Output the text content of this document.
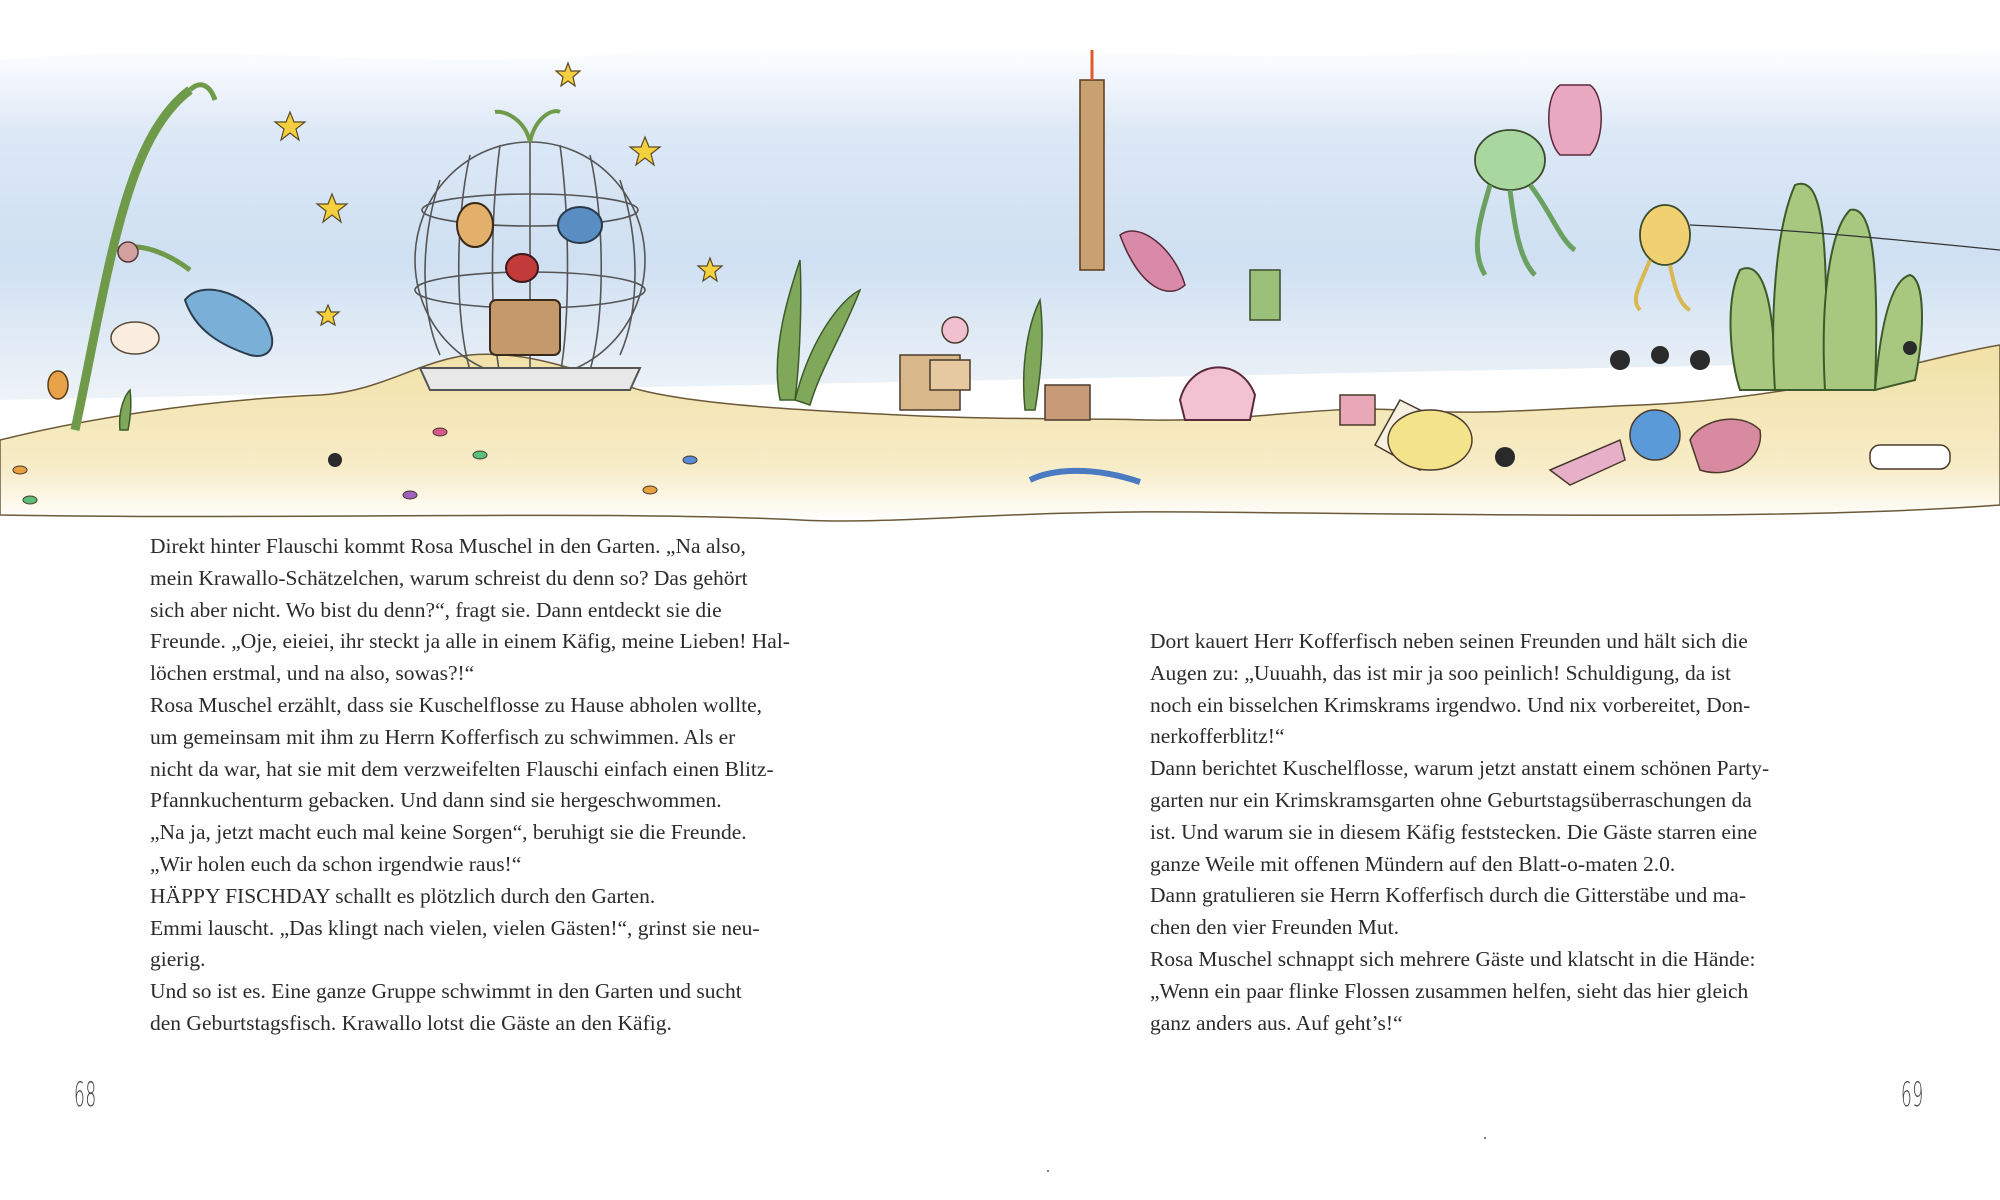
Direkt hinter Flauschi kommt Rosa Muschel in den Garten. „Na also,
mein Krawallo-Schätzelchen, warum schreist du denn so? Das gehört
sich aber nicht. Wo bist du denn?“, fragt sie. Dann entdeckt sie die
Freunde. „Oje, eieiei, ihr steckt ja alle in einem Käfig, meine Lieben! Hal-
löchen erstmal, und na also, sowas?!“
Rosa Muschel erzählt, dass sie Kuschelflosse zu Hause abholen wollte,
um gemeinsam mit ihm zu Herrn Kofferfisch zu schwimmen. Als er
nicht da war, hat sie mit dem verzweifelten Flauschi einfach einen Blitz-
Pfannkuchenturm gebacken. Und dann sind sie hergeschwommen.
„Na ja, jetzt macht euch mal keine Sorgen“, beruhigt sie die Freunde.
„Wir holen euch da schon irgendwie raus!“
HÄPPY FISCHDAY schallt es plötzlich durch den Garten.
Emmi lauscht. „Das klingt nach vielen, vielen Gästen!“, grinst sie neu-
gierig.
Und so ist es. Eine ganze Gruppe schwimmt in den Garten und sucht
den Geburtstagsfisch. Krawallo lotst die Gäste an den Käfig.
Dort kauert Herr Kofferfisch neben seinen Freunden und hält sich die
Augen zu: „Uuuahh, das ist mir ja soo peinlich! Schuldigung, da ist
noch ein bisselchen Krimskrams irgendwo. Und nix vorbereitet, Don-
nerkofferblitz!“
Dann berichtet Kuschelflosse, warum jetzt anstatt einem schönen Party-
garten nur ein Krimskramsgarten ohne Geburtstagsüberraschungen da
ist. Und warum sie in diesem Käfig feststecken. Die Gäste starren eine
ganze Weile mit offenen Mündern auf den Blatt-o-maten 2.0.
Dann gratulieren sie Herrn Kofferfisch durch die Gitterstäbe und ma-
chen den vier Freunden Mut.
Rosa Muschel schnappt sich mehrere Gäste und klatscht in die Hände:
„Wenn ein paar flinke Flossen zusammen helfen, sieht das hier gleich
ganz anders aus. Auf geht’s!“
68	69
